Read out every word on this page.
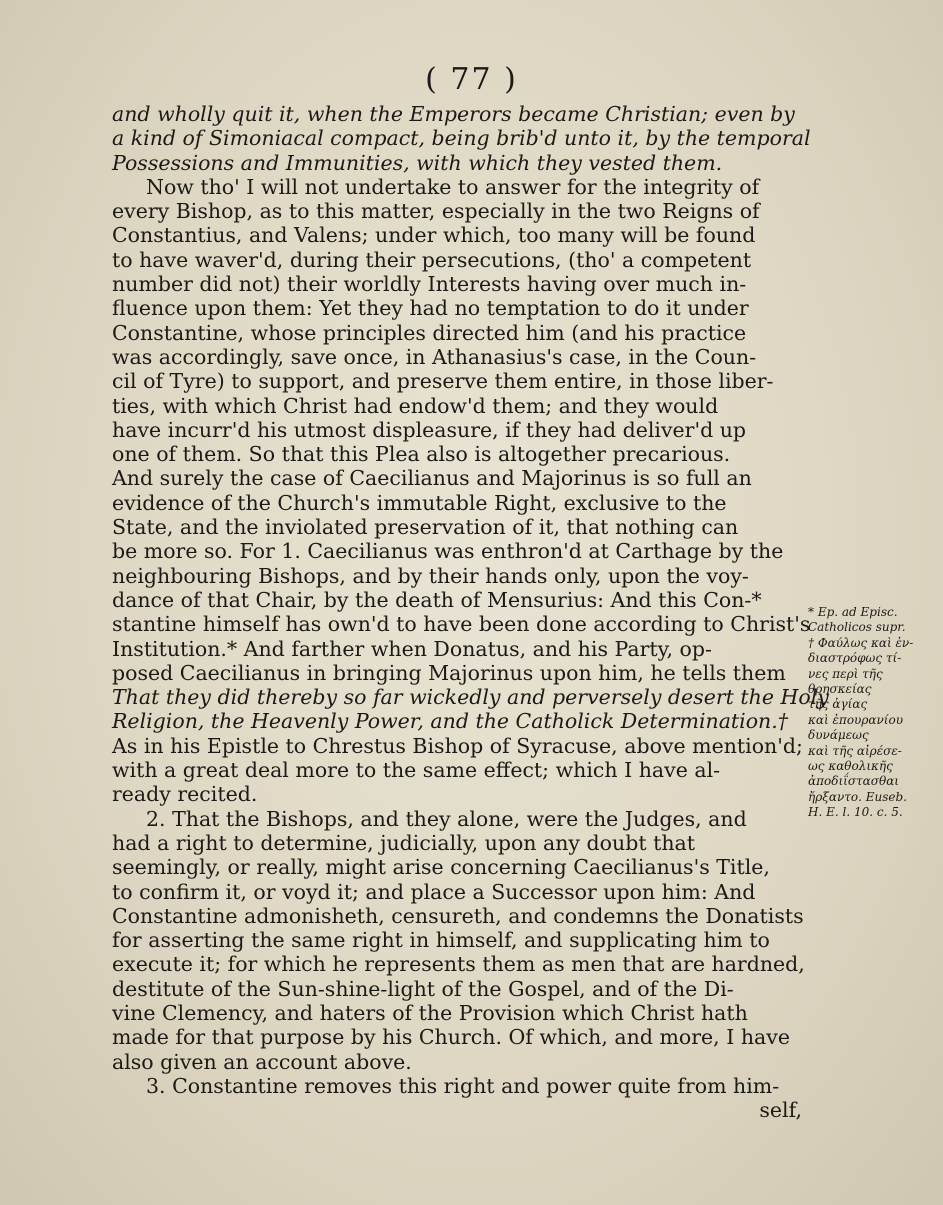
( 77 )
and wholly quit it, when the Emperors became Christian; even by
a kind of Simoniacal compact, being brib'd unto it, by the temporal
Possessions and Immunities, with which they vested them.
Now tho' I will not undertake to answer for the integrity of
every Bishop, as to this matter, especially in the two Reigns of
Constantius, and Valens; under which, too many will be found
to have waver'd, during their persecutions, (tho' a competent
number did not) their worldly Interests having over much in-
fluence upon them: Yet they had no temptation to do it under
Constantine, whose principles directed him (and his practice
was accordingly, save once, in Athanasius's case, in the Coun-
cil of Tyre) to support, and preserve them entire, in those liber-
ties, with which Christ had endow'd them; and they would
have incurr'd his utmost displeasure, if they had deliver'd up
one of them. So that this Plea also is altogether precarious.
And surely the case of Caecilianus and Majorinus is so full an
evidence of the Church's immutable Right, exclusive to the
State, and the inviolated preservation of it, that nothing can
be more so. For 1. Caecilianus was enthron'd at Carthage by the
neighbouring Bishops, and by their hands only, upon the voy-
dance of that Chair, by the death of Mensurius: And this Con-*
stantine himself has own'd to have been done according to Christ's
Institution.* And farther when Donatus, and his Party, op-
posed Caecilianus in bringing Majorinus upon him, he tells them
That they did thereby so far wickedly and perversely desert the Holy
Religion, the Heavenly Power, and the Catholick Determination.†
As in his Epistle to Chrestus Bishop of Syracuse, above mention'd;
with a great deal more to the same effect; which I have al-
ready recited.
2. That the Bishops, and they alone, were the Judges, and
had a right to determine, judicially, upon any doubt that
seemingly, or really, might arise concerning Caecilianus's Title,
to confirm it, or voyd it; and place a Successor upon him: And
Constantine admonisheth, censureth, and condemns the Donatists
for asserting the same right in himself, and supplicating him to
execute it; for which he represents them as men that are hardned,
destitute of the Sun-shine-light of the Gospel, and of the Di-
vine Clemency, and haters of the Provision which Christ hath
made for that purpose by his Church. Of which, and more, I have
also given an account above.
3. Constantine removes this right and power quite from him-
self,
* Ep. ad Episc.
Catholicos supr.
† Φαύλως καὶ ἐν-
διαστρόφως τί-
νες περὶ τῆς
θρησκείας
τῆς ἁγίας
καὶ ἐπουρανίου
δυνάμεως
καὶ τῆς αἱρέσε-
ως καθολικῆς
ἀποδιΐστασθαι
ἤρξαντο. Euseb.
H. E. l. 10. c. 5.
